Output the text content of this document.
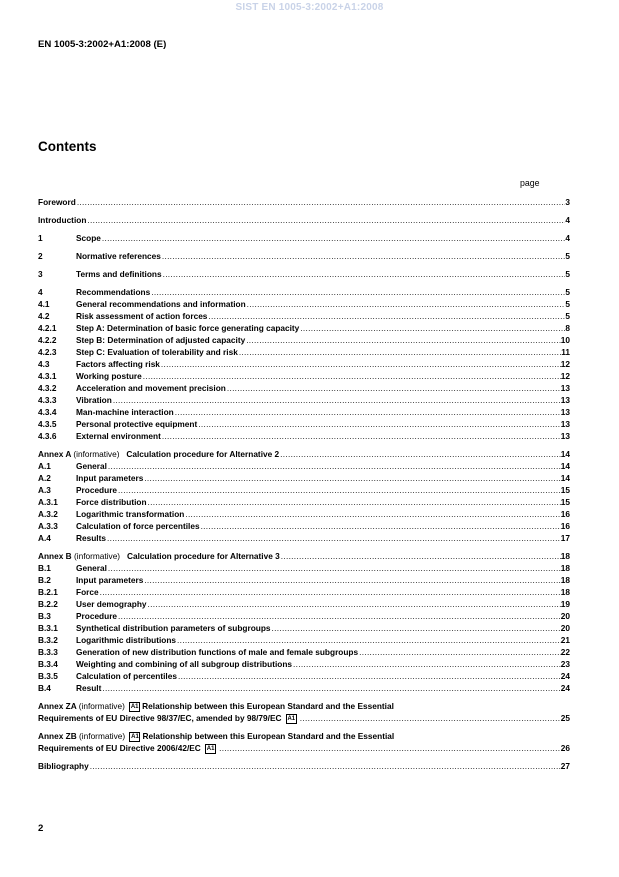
SIST EN 1005-3:2002+A1:2008
EN 1005-3:2002+A1:2008 (E)
Contents
page
Foreword .....	3
Introduction .....	4
1	Scope .....	4
2	Normative references .....	5
3	Terms and definitions .....	5
4	Recommendations .....	5
4.1	General recommendations and information .....	5
4.2	Risk assessment of action forces .....	5
4.2.1 Step A: Determination of basic force generating capacity .....	8
4.2.2 Step B: Determination of adjusted capacity .....	10
4.2.3 Step C: Evaluation of tolerability and risk .....	11
4.3	Factors affecting risk .....	12
4.3.1 Working posture .....	12
4.3.2 Acceleration and movement precision .....	13
4.3.3 Vibration .....	13
4.3.4 Man-machine interaction .....	13
4.3.5 Personal protective equipment .....	13
4.3.6 External environment .....	13
Annex A (informative) Calculation procedure for Alternative 2 .....	14
A.1	General .....	14
A.2	Input parameters .....	14
A.3	Procedure .....	15
A.3.1 Force distribution .....	15
A.3.2 Logarithmic transformation .....	16
A.3.3 Calculation of force percentiles .....	16
A.4	Results .....	17
Annex B (informative) Calculation procedure for Alternative 3 .....	18
B.1	General .....	18
B.2	Input parameters .....	18
B.2.1 Force .....	18
B.2.2 User demography .....	19
B.3	Procedure .....	20
B.3.1 Synthetical distribution parameters of subgroups .....	20
B.3.2 Logarithmic distributions .....	21
B.3.3 Generation of new distribution functions of male and female subgroups .....	22
B.3.4 Weighting and combining of all subgroup distributions .....	23
B.3.5 Calculation of percentiles .....	24
B.4	Result .....	24
Annex ZA (informative) A1 Relationship between this European Standard and the Essential
Requirements of EU Directive 98/37/EC, amended by 98/79/EC A1 .....	25
Annex ZB (informative) A1 Relationship between this European Standard and the Essential
Requirements of EU Directive 2006/42/EC A1 .....	26
Bibliography .....	27
2
